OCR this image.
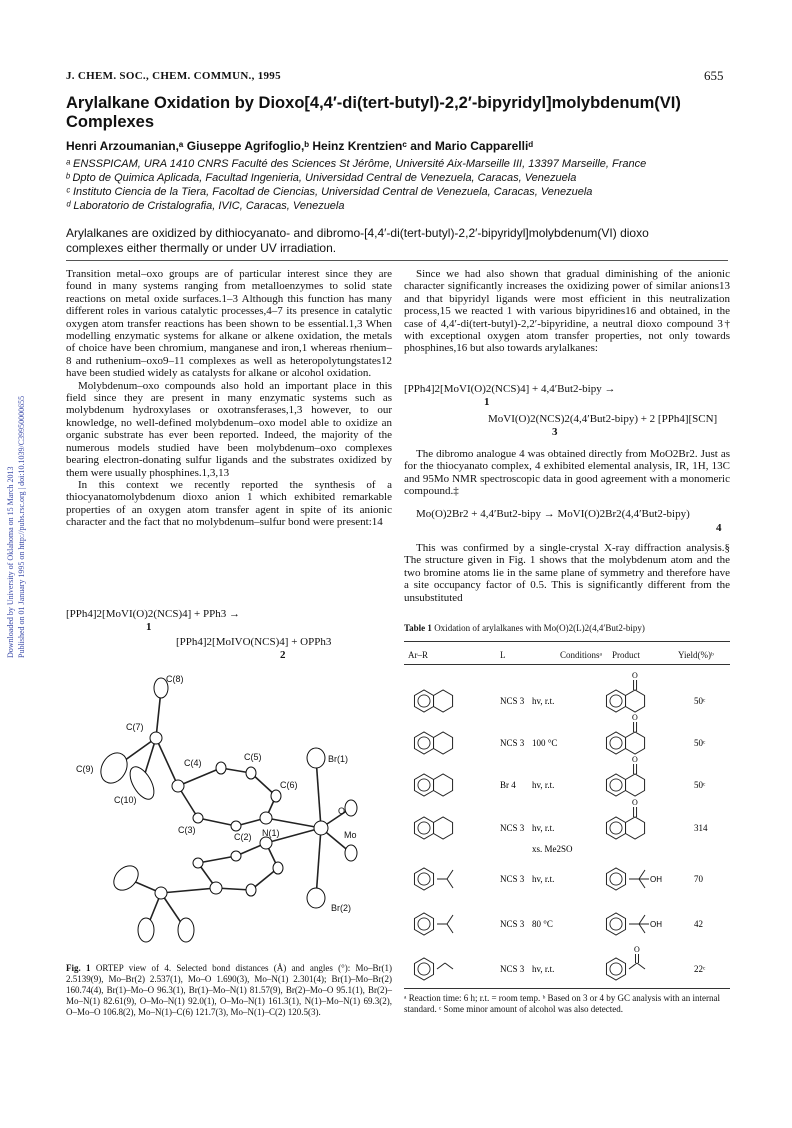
J. CHEM. SOC., CHEM. COMMUN., 1995	655
Arylalkane Oxidation by Dioxo[4,4′-di(tert-butyl)-2,2′-bipyridyl]molybdenum(VI)
Complexes
Henri Arzoumanian,ᵃ Giuseppe Agrifoglio,ᵇ Heinz Krentzienᶜ and Mario Capparelliᵈ
ᵃ ENSSPICAM, URA 1410 CNRS Faculté des Sciences St Jérôme, Université Aix-Marseille III, 13397 Marseille, France
ᵇ Dpto de Quimica Aplicada, Facultad Ingenieria, Universidad Central de Venezuela, Caracas, Venezuela
ᶜ Instituto Ciencia de la Tiera, Facoltad de Ciencias, Universidad Central de Venezuela, Caracas, Venezuela
ᵈ Laboratorio de Cristalografia, IVIC, Caracas, Venezuela
Arylalkanes are oxidized by dithiocyanato- and dibromo-[4,4′-di(tert-butyl)-2,2′-bipyridyl]molybdenum(VI) dioxo
complexes either thermally or under UV irradiation.
Downloaded by University of Oklahoma on 15 March 2013 Published on 01 January 1995 on http://pubs.rsc.org | doi:10.1039/C39950000655

Transition metal–oxo groups are of particular interest since they are found in many systems ranging from metalloenzymes to solid state reactions on metal oxide surfaces.1–3 Although this function has many different roles in various catalytic processes,4–7 its presence in catalytic oxygen atom transfer reactions has been shown to be essential.1,3 When modelling enzymatic systems for alkane or alkene oxidation, the metals of choice have been chromium, manganese and iron,1 whereas rhenium–8 and ruthenium–oxo9–11 complexes as well as heteropolytungstates12 have been studied widely as catalysts for alkane or alcohol oxidation.

Molybdenum–oxo compounds also hold an important place in this field since they are present in many enzymatic systems such as molybdenum hydroxylases or oxotransferases,1,3 however, to our knowledge, no well-defined molybdenum–oxo model able to oxidize an organic substrate has ever been reported. Indeed, the majority of the numerous models studied have been molybdenum–oxo complexes bearing electron-donating sulfur ligands and the substrates oxidized by them were usually phosphines.1,3,13

In this context we recently reported the synthesis of a thiocyanatomolybdenum dioxo anion 1 which exhibited remarkable properties of an oxygen atom transfer agent in spite of its anionic character and the fact that no molybdenum–sulfur bond were present:14

[PPh4]2[MoVI(O)2(NCS)4] + PPh3 →
1
[PPh4]2[MoIVO(NCS)4] + OPPh3
2
C(8)
C(7)
C(4)
C(5)	Br(1)
C(6)
C(9)
C(10)
C(3)
C(2) N(1)
O
Mo
Br(2)
Fig. 1 ORTEP view of 4. Selected bond distances (Å) and angles (°): Mo–Br(1) 2.5139(9), Mo–Br(2) 2.537(1), Mo–O 1.690(3), Mo–N(1) 2.301(4); Br(1)–Mo–Br(2) 160.74(4), Br(1)–Mo–O 96.3(1), Br(1)–Mo–N(1) 81.57(9), Br(2)–Mo–O 95.1(1), Br(2)–Mo–N(1) 82.61(9), O–Mo–N(1) 92.0(1), O–Mo–N(1) 161.3(1), N(1)–Mo–N(1) 69.3(2), O–Mo–O 106.8(2), Mo–N(1)–C(6) 121.7(3), Mo–N(1)–C(2) 120.5(3).

Since we had also shown that gradual diminishing of the anionic character significantly increases the oxidizing power of similar anions13 and that bipyridyl ligands were most efficient in this neutralization process,15 we reacted 1 with various bipyridines16 and obtained, in the case of 4,4′-di(tert-butyl)-2,2′-bipyridine, a neutral dioxo compound 3† with exceptional oxygen atom transfer properties, not only towards phosphines,16 but also towards arylalkanes:

[PPh4]2[MoVI(O)2(NCS)4] + 4,4′But2-bipy →
1
MoVI(O)2(NCS)2(4,4′But2-bipy) + 2 [PPh4][SCN]
3

The dibromo analogue 4 was obtained directly from MoO2Br2. Just as for the thiocyanato complex, 4 exhibited elemental analysis, IR, 1H, 13C and 95Mo NMR spectroscopic data in good agreement with a monomeric compound.‡

Mo(O)2Br2 + 4,4′But2-bipy → MoVI(O)2Br2(4,4′But2-bipy)
4

This was confirmed by a single-crystal X-ray diffraction analysis.§ The structure given in Fig. 1 shows that the molybdenum atom and the two bromine atoms lie in the same plane of symmetry and therefore have a site occupancy factor of 0.5. This is significantly different from the unsubstituted

Table 1 Oxidation of arylalkanes with Mo(O)2(L)2(4,4′But2-bipy)
Ar–R	L	Conditionsᵃ Product	Yield(%)ᵇ
O
NCS 3 hv, r.t.	50ᶜ
O
NCS 3 100 °C	50ᶜ
O
Br 4 hv, r.t.	50ᶜ
O
NCS 3 hv, r.t.
xs. Me2SO
314
OH
NCS 3 hv, r.t.	70
OH
NCS 3 80 °C	42
O
NCS 3 hv, r.t.	22ᶜ
ᵃ Reaction time: 6 h; r.t. = room temp. ᵇ Based on 3 or 4 by GC analysis with an internal standard. ᶜ Some minor amount of alcohol was also detected.
